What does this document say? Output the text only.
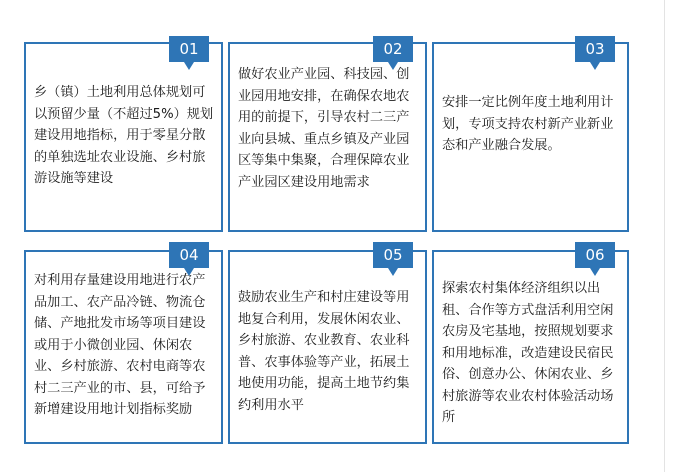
01
乡（镇）土地利用总体规划可以预留少量（不超过5%）规划建设用地指标，用于零星分散的单独选址农业设施、乡村旅游设施等建设
02
做好农业产业园、科技园、创业园用地安排，在确保农地农用的前提下，引导农村二三产业向县城、重点乡镇及产业园区等集中集聚，合理保障农业产业园区建设用地需求
03
安排一定比例年度土地利用计划，专项支持农村新产业新业态和产业融合发展。
04
对利用存量建设用地进行农产品加工、农产品冷链、物流仓储、产地批发市场等项目建设或用于小微创业园、休闲农业、乡村旅游、农村电商等农村二三产业的市、县，可给予新增建设用地计划指标奖励
05
鼓励农业生产和村庄建设等用地复合利用，发展休闲农业、乡村旅游、农业教育、农业科普、农事体验等产业，拓展土地使用功能，提高土地节约集约利用水平
06
探索农村集体经济组织以出租、合作等方式盘活利用空闲农房及宅基地，按照规划要求和用地标准，改造建设民宿民俗、创意办公、休闲农业、乡村旅游等农业农村体验活动场所
